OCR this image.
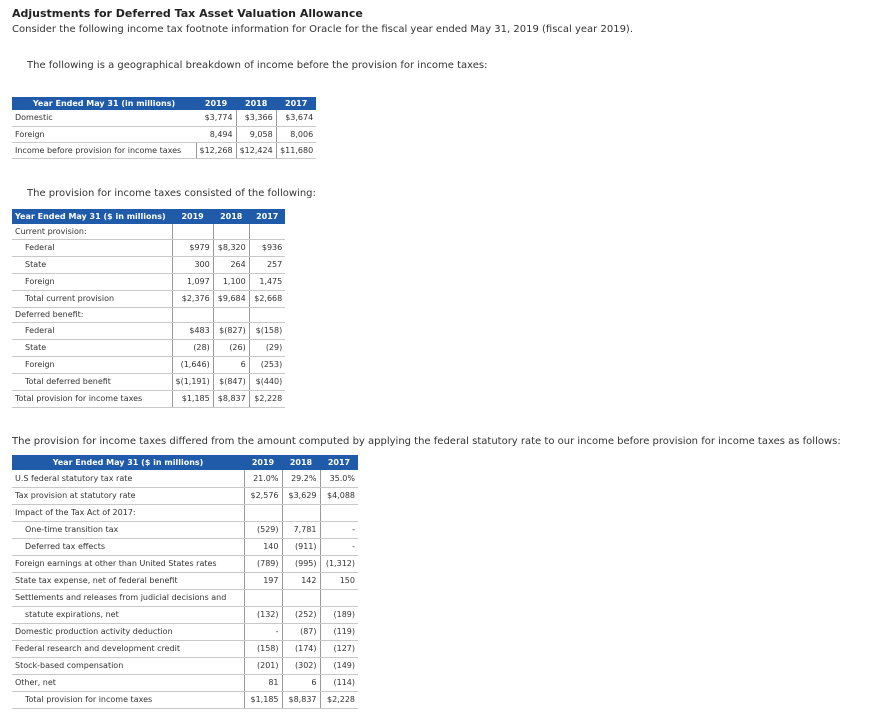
Adjustments for Deferred Tax Asset Valuation Allowance
Consider the following income tax footnote information for Oracle for the fiscal year ended May 31, 2019 (fiscal year 2019).
The following is a geographical breakdown of income before the provision for income taxes:
Year Ended May 31 (in millions)	2019	2018	2017
Domestic	$3,774	$3,366	$3,674
Foreign	8,494	9,058	8,006
Income before provision for income taxes	$12,268	$12,424	$11,680
The provision for income taxes consisted of the following:
Year Ended May 31 ($ in millions)	2019	2018	2017
Current provision:			
Federal	$979	$8,320	$936
State	300	264	257
Foreign	1,097	1,100	1,475
Total current provision	$2,376	$9,684	$2,668
Deferred benefit:			
Federal	$483	$(827)	$(158)
State	(28)	(26)	(29)
Foreign	(1,646)	6	(253)
Total deferred benefit	$(1,191)	$(847)	$(440)
Total provision for income taxes	$1,185	$8,837	$2,228
The provision for income taxes differed from the amount computed by applying the federal statutory rate to our income before provision for income taxes as follows:
Year Ended May 31 ($ in millions)	2019	2018	2017
U.S federal statutory tax rate	21.0%	29.2%	35.0%
Tax provision at statutory rate	$2,576	$3,629	$4,088
Impact of the Tax Act of 2017:			
One-time transition tax	(529)	7,781	-
Deferred tax effects	140	(911)	-
Foreign earnings at other than United States rates	(789)	(995)	(1,312)
State tax expense, net of federal benefit	197	142	150
Settlements and releases from judicial decisions and			
statute expirations, net	(132)	(252)	(189)
Domestic production activity deduction	-	(87)	(119)
Federal research and development credit	(158)	(174)	(127)
Stock-based compensation	(201)	(302)	(149)
Other, net	81	6	(114)
Total provision for income taxes	$1,185	$8,837	$2,228
